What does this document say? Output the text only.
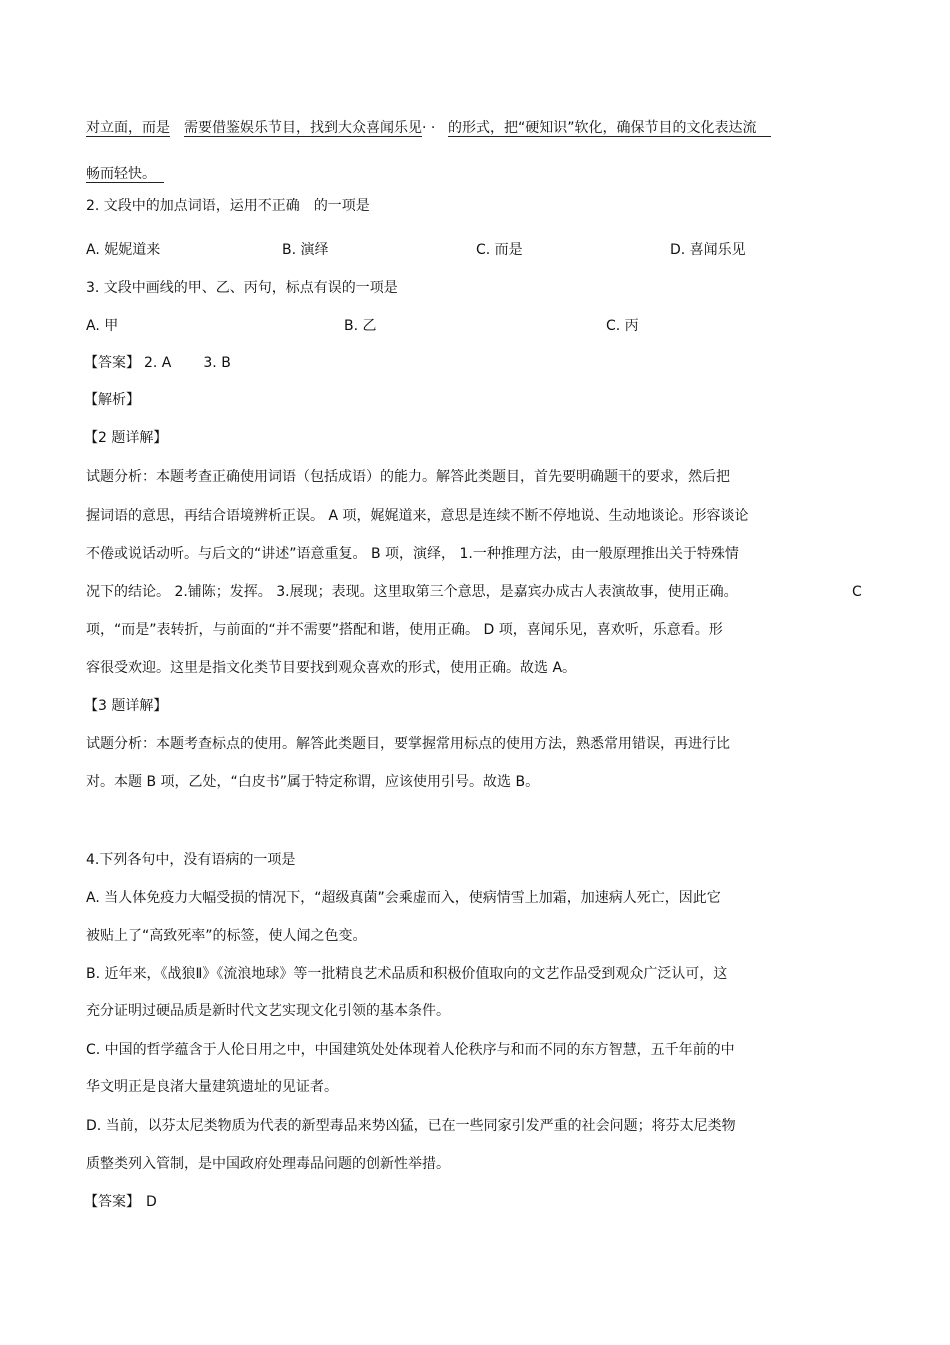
对立面，而是 需要借鉴娱乐节目，找到大众喜闻乐见· · 的形式，把“硬知识”软化，确保节目的文化表达流
畅而轻快。
2. 文段中的加点词语，运用不正确 的一项是
A. 妮妮道来	B. 演绎	C. 而是	D. 喜闻乐见
3. 文段中画线的甲、乙、丙句，标点有误的一项是
A. 甲	B. 乙	C. 丙
【答案】 2. A 3. B
【解析】
【2 题详解】
试题分析：本题考查正确使用词语（包括成语）的能力。解答此类题目，首先要明确题干的要求，然后把
握词语的意思，再结合语境辨析正误。 A 项，娓娓道来，意思是连续不断不停地说、生动地谈论。形容谈论
不倦或说话动听。与后文的“讲述”语意重复。 B 项，演绎， 1.一种推理方法，由一般原理推出关于特殊情
况下的结论。 2.铺陈；发挥。 3.展现；表现。这里取第三个意思，是嘉宾办成古人表演故事，使用正确。	C
项，“而是”表转折，与前面的“并不需要”搭配和谐，使用正确。 D 项，喜闻乐见，喜欢听，乐意看。形
容很受欢迎。这里是指文化类节目要找到观众喜欢的形式，使用正确。故选 A。
【3 题详解】
试题分析：本题考查标点的使用。解答此类题目，要掌握常用标点的使用方法，熟悉常用错误，再进行比
对。本题 B 项，乙处，“白皮书”属于特定称谓，应该使用引号。故选 B。
4.下列各句中，没有语病的一项是
A. 当人体免疫力大幅受损的情况下，“超级真菌”会乘虚而入，使病情雪上加霜，加速病人死亡，因此它
被贴上了“高致死率”的标签，使人闻之色变。
B. 近年来，《战狼Ⅱ》《流浪地球》等一批精良艺术品质和积极价值取向的文艺作品受到观众广泛认可，这
充分证明过硬品质是新时代文艺实现文化引领的基本条件。
C. 中国的哲学蕴含于人伦日用之中，中国建筑处处体现着人伦秩序与和而不同的东方智慧，五千年前的中
华文明正是良渚大量建筑遗址的见证者。
D. 当前，以芬太尼类物质为代表的新型毒品来势凶猛，已在一些同家引发严重的社会问题；将芬太尼类物
质整类列入管制，是中国政府处理毒品问题的创新性举措。
【答案】 D
